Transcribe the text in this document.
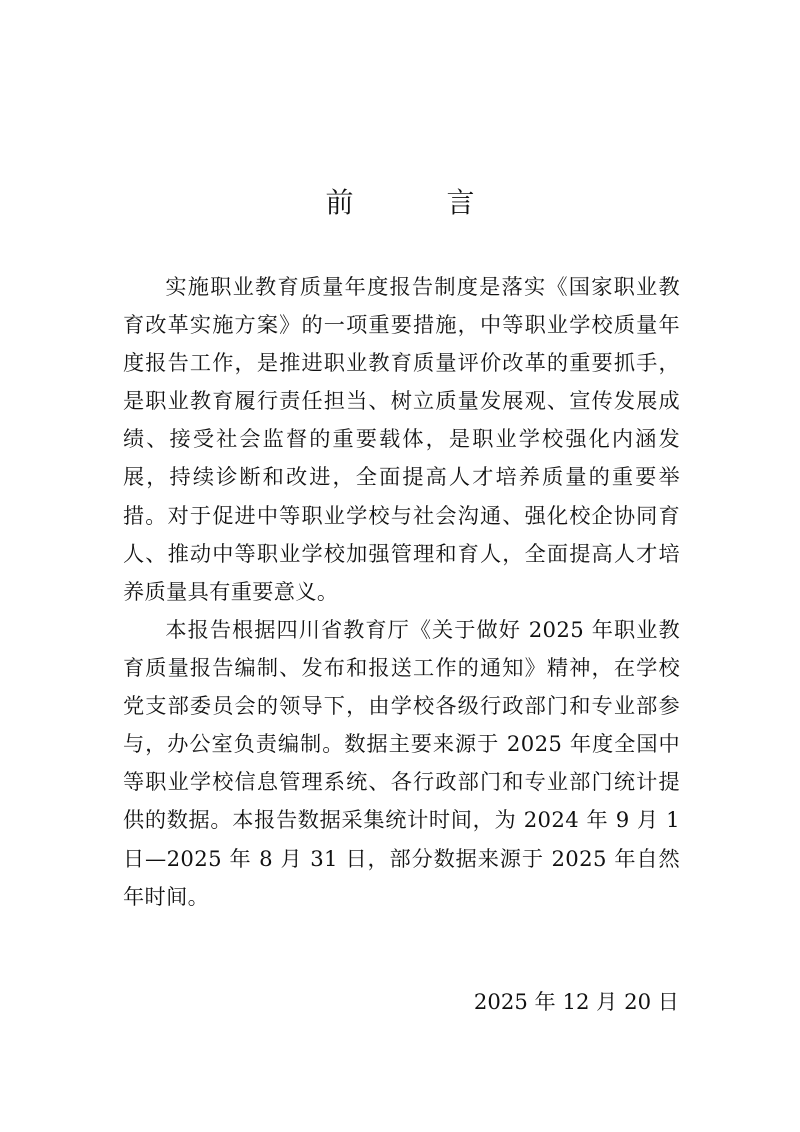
前 言

实施职业教育质量年度报告制度是落实《国家职业教育改革实施方案》的一项重要措施，中等职业学校质量年度报告工作，是推进职业教育质量评价改革的重要抓手，是职业教育履行责任担当、树立质量发展观、宣传发展成绩、接受社会监督的重要载体，是职业学校强化内涵发展，持续诊断和改进，全面提高人才培养质量的重要举措。对于促进中等职业学校与社会沟通、强化校企协同育人、推动中等职业学校加强管理和育人，全面提高人才培养质量具有重要意义。

本报告根据四川省教育厅《关于做好 2025 年职业教育质量报告编制、发布和报送工作的通知》精神，在学校党支部委员会的领导下，由学校各级行政部门和专业部参与，办公室负责编制。数据主要来源于 2025 年度全国中等职业学校信息管理系统、各行政部门和专业部门统计提供的数据。本报告数据采集统计时间，为 2024 年 9 月 1 日—2025 年 8 月 31 日，部分数据来源于 2025 年自然年时间。

2025 年 12 月 20 日
